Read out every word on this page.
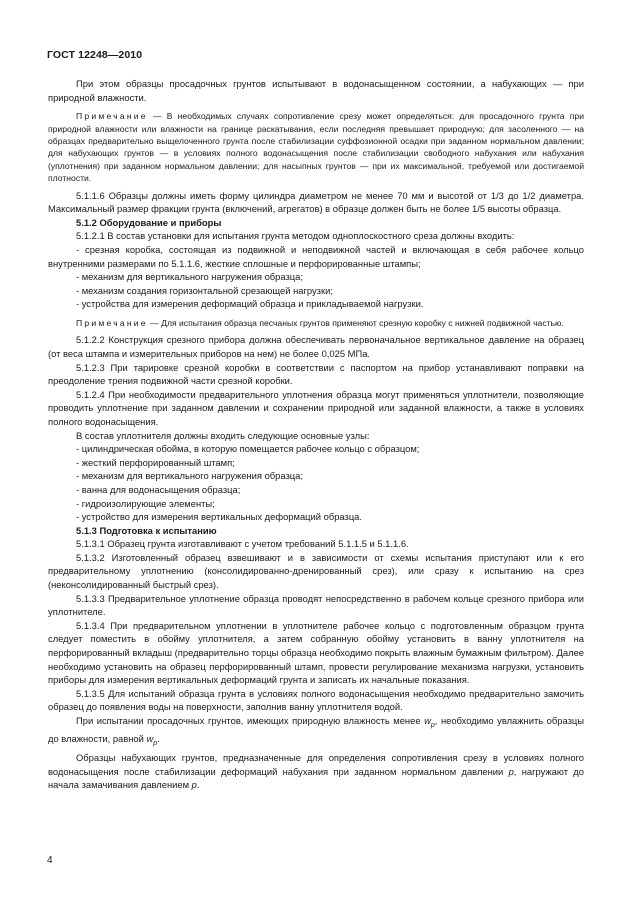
ГОСТ 12248—2010

При этом образцы просадочных грунтов испытывают в водонасыщенном состоянии, а набухающих — при природной влажности.

Примечание — В необходимых случаях сопротивление срезу может определяться: для просадочного грунта при природной влажности или влажности на границе раскатывания, если последняя превышает природную; для засоленного — на образцах предварительно выщелоченного грунта после стабилизации суффозионной осадки при заданном нормальном давлении; для набухающих грунтов — в условиях полного водонасыщения после стабилизации свободного набухания или набухания (уплотнения) при заданном нормальном давлении; для насыпных грунтов — при их максимальной, требуемой или достигаемой плотности.

5.1.1.6 Образцы должны иметь форму цилиндра диаметром не менее 70 мм и высотой от 1/3 до 1/2 диаметра. Максимальный размер фракции грунта (включений, агрегатов) в образце должен быть не более 1/5 высоты образца.

5.1.2 Оборудование и приборы

5.1.2.1 В состав установки для испытания грунта методом одноплоскостного среза должны входить:

- срезная коробка, состоящая из подвижной и неподвижной частей и включающая в себя рабочее кольцо внутренними размерами по 5.1.1.6, жесткие сплошные и перфорированные штампы;

- механизм для вертикального нагружения образца;

- механизм создания горизонтальной срезающей нагрузки;

- устройства для измерения деформаций образца и прикладываемой нагрузки.

Примечание — Для испытания образца песчаных грунтов применяют срезную коробку с нижней подвижной частью.

5.1.2.2 Конструкция срезного прибора должна обеспечивать первоначальное вертикальное давление на образец (от веса штампа и измерительных приборов на нем) не более 0,025 МПа.

5.1.2.3 При тарировке срезной коробки в соответствии с паспортом на прибор устанавливают поправки на преодоление трения подвижной части срезной коробки.

5.1.2.4 При необходимости предварительного уплотнения образца могут применяться уплотнители, позволяющие проводить уплотнение при заданном давлении и сохранении природной или заданной влажности, а также в условиях полного водонасыщения.

В состав уплотнителя должны входить следующие основные узлы:

- цилиндрическая обойма, в которую помещается рабочее кольцо с образцом;

- жесткий перфорированный штамп;

- механизм для вертикального нагружения образца;

- ванна для водонасыщения образца;

- гидроизолирующие элементы;

- устройство для измерения вертикальных деформаций образца.

5.1.3 Подготовка к испытанию

5.1.3.1 Образец грунта изготавливают с учетом требований 5.1.1.5 и 5.1.1.6.

5.1.3.2 Изготовленный образец взвешивают и в зависимости от схемы испытания приступают или к его предварительному уплотнению (консолидированно-дренированный срез), или сразу к испытанию на срез (неконсолидированный быстрый срез).

5.1.3.3 Предварительное уплотнение образца проводят непосредственно в рабочем кольце срезного прибора или уплотнителе.

5.1.3.4 При предварительном уплотнении в уплотнителе рабочее кольцо с подготовленным образцом грунта следует поместить в обойму уплотнителя, а затем собранную обойму установить в ванну уплотнителя на перфорированный вкладыш (предварительно торцы образца необходимо покрыть влажным бумажным фильтром). Далее необходимо установить на образец перфорированный штамп, провести регулирование механизма нагрузки, установить приборы для измерения вертикальных деформаций грунта и записать их начальные показания.

5.1.3.5 Для испытаний образца грунта в условиях полного водонасыщения необходимо предварительно замочить образец до появления воды на поверхности, заполнив ванну уплотнителя водой.

При испытании просадочных грунтов, имеющих природную влажность менее $w_p$, необходимо увлажнить образцы до влажности, равной $w_p$.

Образцы набухающих грунтов, предназначенные для определения сопротивления срезу в условиях полного водонасыщения после стабилизации деформаций набухания при заданном нормальном давлении р, нагружают до начала замачивания давлением р.

4
